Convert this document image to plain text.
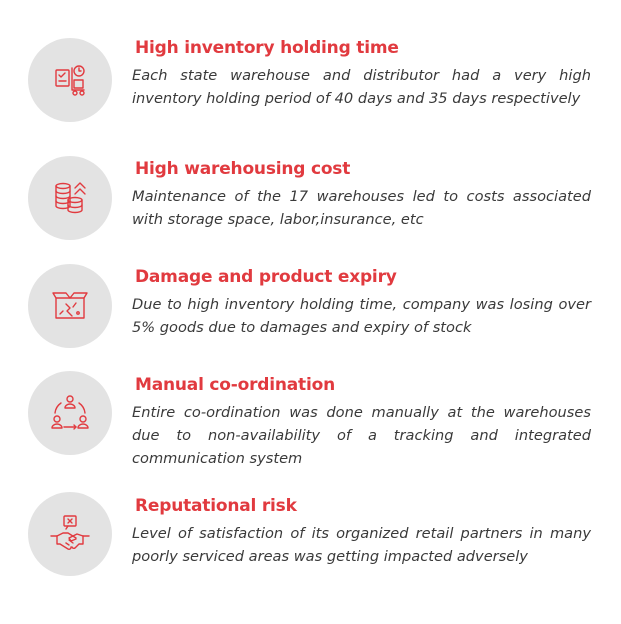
High inventory holding time

Each state warehouse and distributor had a very high inventory holding period of 40 days and 35 days respectively

High warehousing cost

Maintenance of the 17 warehouses led to costs associated with storage space, labor,insurance, etc

Damage and product expiry

Due to high inventory holding time, company was losing over 5% goods due to damages and expiry of stock

Manual co-ordination

Entire co-ordination was done manually at the warehouses due to non-availability of a tracking and integrated communication system

Reputational risk

Level of satisfaction of its organized retail partners in many poorly serviced areas was getting impacted adversely
